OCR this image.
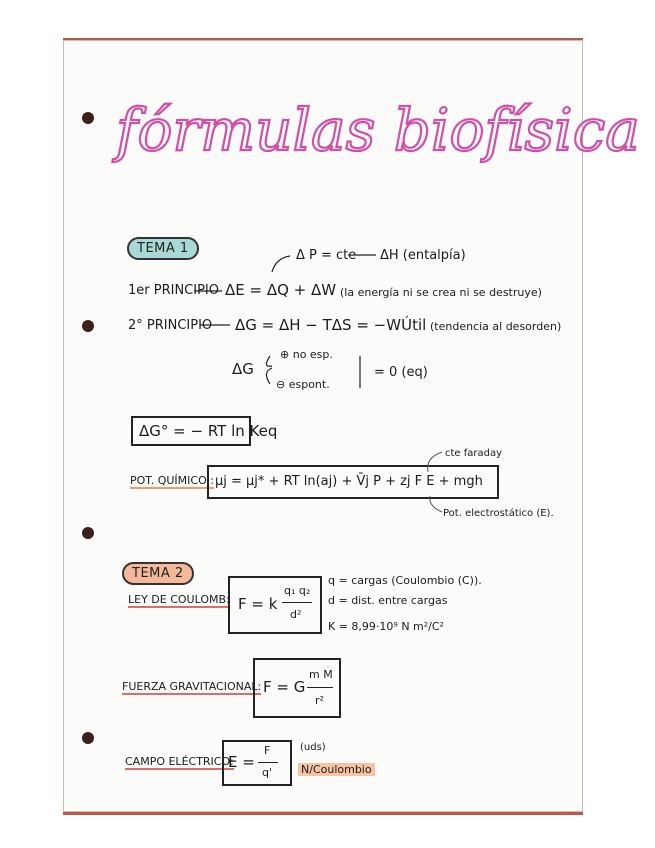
fórmulas biofísica
TEMA 1	Δ P = cte ΔH (entalpía)
1er PRINCIPIO ΔE = ΔQ + ΔW (la energía ni se crea ni se destruye)
2° PRINCIPIO ΔG = ΔH − TΔS = −WÚtil (tendencia al desorden)
ΔG
⊕ no esp.
⊖ espont.
= 0 (eq)
ΔG° = − RT ln Keq
POT. QUÍMICO : μj = μj* + RT ln(aj) + V̄j P + zj F E + mgh
cte faraday
Pot. electrostático (E).
TEMA 2
LEY DE COULOMB: F = k
q₁ q₂
d²
q = cargas (Coulombio (C)).
d = dist. entre cargas
K = 8,99·10⁹ N m²/C²
FUERZA GRAVITACIONAL: F = G
m M
r²
CAMPO ELÉCTRICO:
E =
F
q'
(uds)
N/Coulombio
